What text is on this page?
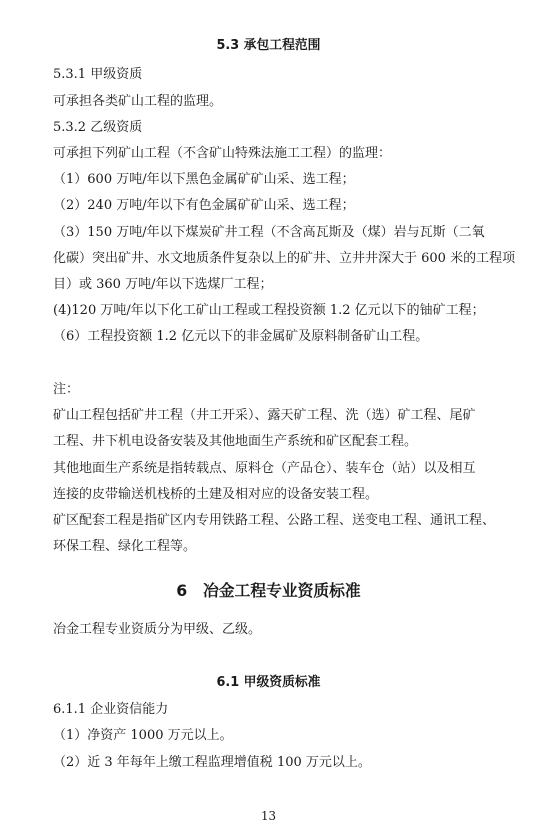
5.3 承包工程范围
5.3.1 甲级资质
可承担各类矿山工程的监理。
5.3.2 乙级资质
可承担下列矿山工程（不含矿山特殊法施工工程）的监理：
（1）600 万吨/年以下黑色金属矿矿山采、选工程；
（2）240 万吨/年以下有色金属矿矿山采、选工程；
（3）150 万吨/年以下煤炭矿井工程（不含高瓦斯及（煤）岩与瓦斯（二氧
化碳）突出矿井、水文地质条件复杂以上的矿井、立井井深大于 600 米的工程项
目）或 360 万吨/年以下选煤厂工程；
(4)120 万吨/年以下化工矿山工程或工程投资额 1.2 亿元以下的铀矿工程；
（6）工程投资额 1.2 亿元以下的非金属矿及原料制备矿山工程。
注：
矿山工程包括矿井工程（井工开采）、露天矿工程、洗（选）矿工程、尾矿
工程、井下机电设备安装及其他地面生产系统和矿区配套工程。
其他地面生产系统是指转载点、原料仓（产品仓）、装车仓（站）以及相互
连接的皮带输送机栈桥的土建及相对应的设备安装工程。
矿区配套工程是指矿区内专用铁路工程、公路工程、送变电工程、通讯工程、
环保工程、绿化工程等。
6　冶金工程专业资质标准
冶金工程专业资质分为甲级、乙级。
6.1 甲级资质标准
6.1.1 企业资信能力
（1）净资产 1000 万元以上。
（2）近 3 年每年上缴工程监理增值税 100 万元以上。
13
